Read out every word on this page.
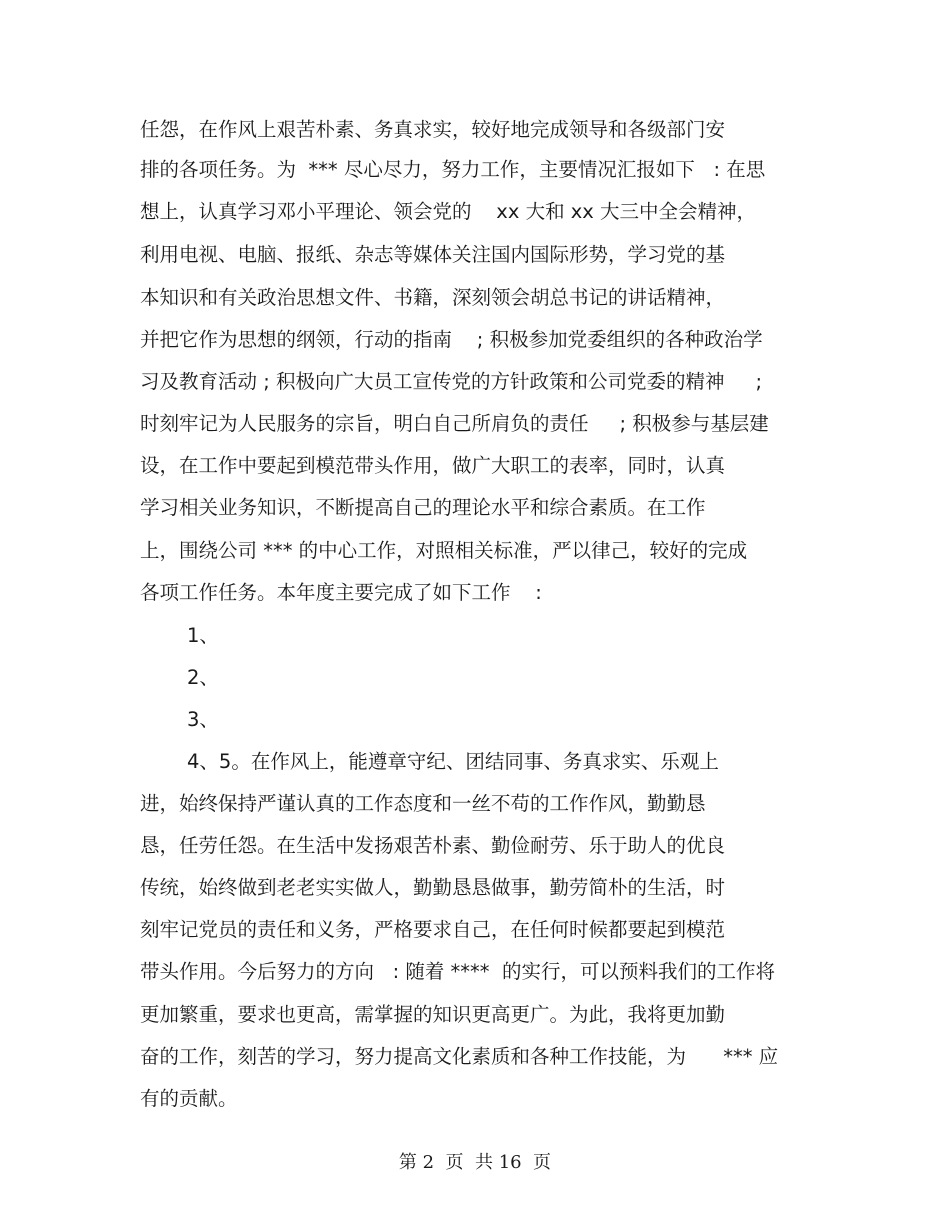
任怨，在作风上艰苦朴素、务真求实，较好地完成领导和各级部门安
排的各项任务。为  *** 尽心尽力，努力工作，主要情况汇报如下   : 在思
想上，认真学习邓小平理论、领会党的    xx 大和 xx 大三中全会精神，
利用电视、电脑、报纸、杂志等媒体关注国内国际形势，学习党的基
本知识和有关政治思想文件、书籍，深刻领会胡总书记的讲话精神，
并把它作为思想的纲领，行动的指南    ; 积极参加党委组织的各种政治学
习及教育活动 ; 积极向广大员工宣传党的方针政策和公司党委的精神     ;
时刻牢记为人民服务的宗旨，明白自己所肩负的责任     ; 积极参与基层建
设，在工作中要起到模范带头作用，做广大职工的表率，同时，认真
学习相关业务知识，不断提高自己的理论水平和综合素质。在工作
上，围绕公司 *** 的中心工作，对照相关标准，严以律己，较好的完成
各项工作任务。本年度主要完成了如下工作    :
1、
2、
3、
4、5。在作风上，能遵章守纪、团结同事、务真求实、乐观上
进，始终保持严谨认真的工作态度和一丝不苟的工作作风，勤勤恳
恳，任劳任怨。在生活中发扬艰苦朴素、勤俭耐劳、乐于助人的优良
传统，始终做到老老实实做人，勤勤恳恳做事，勤劳简朴的生活，时
刻牢记党员的责任和义务，严格要求自己，在任何时候都要起到模范
带头作用。今后努力的方向   : 随着 ****  的实行，可以预料我们的工作将
更加繁重，要求也更高，需掌握的知识更高更广。为此，我将更加勤
奋的工作，刻苦的学习，努力提高文化素质和各种工作技能，为      *** 应
有的贡献。
第 2  页  共 16  页
